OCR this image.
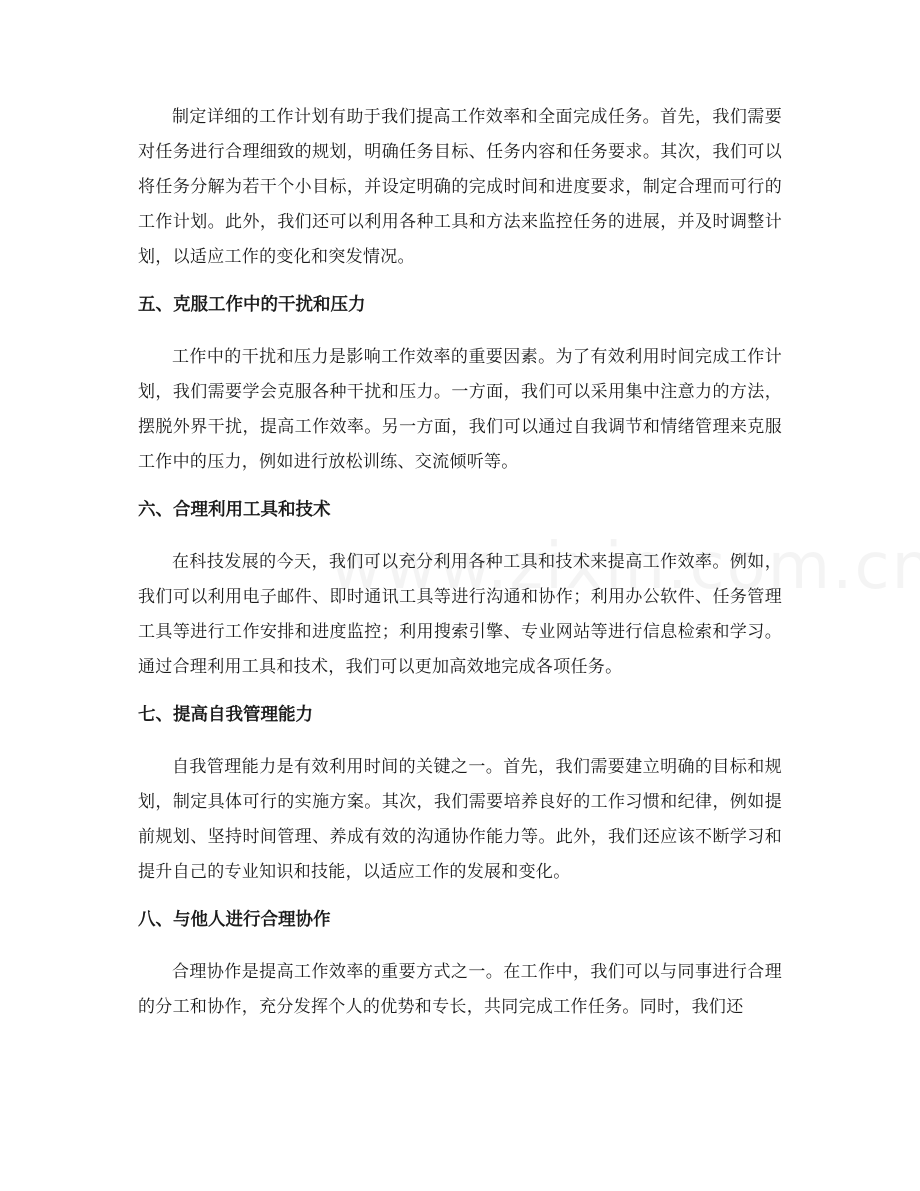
制定详细的工作计划有助于我们提高工作效率和全面完成任务。首先，我们需要对任务进行合理细致的规划，明确任务目标、任务内容和任务要求。其次，我们可以将任务分解为若干个小目标，并设定明确的完成时间和进度要求，制定合理而可行的工作计划。此外，我们还可以利用各种工具和方法来监控任务的进展，并及时调整计划，以适应工作的变化和突发情况。

五、克服工作中的干扰和压力

工作中的干扰和压力是影响工作效率的重要因素。为了有效利用时间完成工作计划，我们需要学会克服各种干扰和压力。一方面，我们可以采用集中注意力的方法，摆脱外界干扰，提高工作效率。另一方面，我们可以通过自我调节和情绪管理来克服工作中的压力，例如进行放松训练、交流倾听等。

六、合理利用工具和技术

在科技发展的今天，我们可以充分利用各种工具和技术来提高工作效率。例如，我们可以利用电子邮件、即时通讯工具等进行沟通和协作；利用办公软件、任务管理工具等进行工作安排和进度监控；利用搜索引擎、专业网站等进行信息检索和学习。通过合理利用工具和技术，我们可以更加高效地完成各项任务。

七、提高自我管理能力

自我管理能力是有效利用时间的关键之一。首先，我们需要建立明确的目标和规划，制定具体可行的实施方案。其次，我们需要培养良好的工作习惯和纪律，例如提前规划、坚持时间管理、养成有效的沟通协作能力等。此外，我们还应该不断学习和提升自己的专业知识和技能，以适应工作的发展和变化。

八、与他人进行合理协作

合理协作是提高工作效率的重要方式之一。在工作中，我们可以与同事进行合理的分工和协作，充分发挥个人的优势和专长，共同完成工作任务。同时，我们还
